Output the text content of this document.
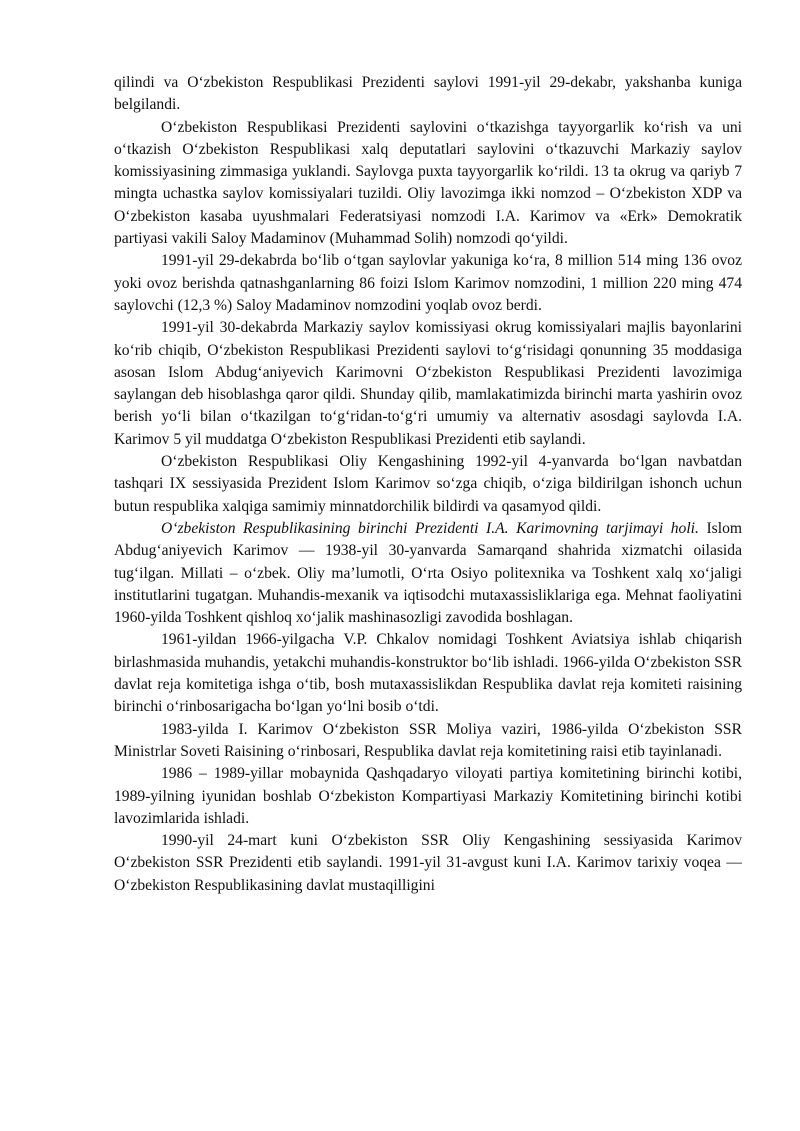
qilindi va O‘zbekiston Respublikasi Prezidenti saylovi 1991-yil 29-dekabr, yakshanba kuniga belgilandi.

O‘zbekiston Respublikasi Prezidenti saylovini o‘tkazishga tayyorgarlik ko‘rish va uni o‘tkazish O‘zbekiston Respublikasi xalq deputatlari saylovini o‘tkazuvchi Markaziy saylov komissiyasining zimmasiga yuklandi. Saylovga puxta tayyorgarlik ko‘rildi. 13 ta okrug va qariyb 7 mingta uchastka saylov komissiyalari tuzildi. Oliy lavozimga ikki nomzod – O‘zbekiston XDP va O‘zbekiston kasaba uyushmalari Federatsiyasi nomzodi I.A. Karimov va «Erk» Demokratik partiyasi vakili Saloy Madaminov (Muhammad Solih) nomzodi qo‘yildi.

1991-yil 29-dekabrda bo‘lib o‘tgan saylovlar yakuniga ko‘ra, 8 million 514 ming 136 ovoz yoki ovoz berishda qatnashganlarning 86 foizi Islom Karimov nomzodini, 1 million 220 ming 474 saylovchi (12,3 %) Saloy Madaminov nomzodini yoqlab ovoz berdi.

1991-yil 30-dekabrda Markaziy saylov komissiyasi okrug komissiyalari majlis bayonlarini ko‘rib chiqib, O‘zbekiston Respublikasi Prezidenti saylovi to‘g‘risidagi qonunning 35 moddasiga asosan Islom Abdug‘aniyevich Karimovni O‘zbekiston Respublikasi Prezidenti lavozimiga saylangan deb hisoblashga qaror qildi. Shunday qilib, mamlakatimizda birinchi marta yashirin ovoz berish yo‘li bilan o‘tkazilgan to‘g‘ridan-to‘g‘ri umumiy va alternativ asosdagi saylovda I.A. Karimov 5 yil muddatga O‘zbekiston Respublikasi Prezidenti etib saylandi.

O‘zbekiston Respublikasi Oliy Kengashining 1992-yil 4-yanvarda bo‘lgan navbatdan tashqari IX sessiyasida Prezident Islom Karimov so‘zga chiqib, o‘ziga bildirilgan ishonch uchun butun respublika xalqiga samimiy minnatdorchilik bildirdi va qasamyod qildi.

O‘zbekiston Respublikasining birinchi Prezidenti I.A. Karimovning tarjimayi holi. Islom Abdug‘aniyevich Karimov — 1938-yil 30-yanvarda Samarqand shahrida xizmatchi oilasida tug‘ilgan. Millati – o‘zbek. Oliy ma’lumotli, O‘rta Osiyo politexnika va Toshkent xalq xo‘jaligi institutlarini tugatgan. Muhandis-mexanik va iqtisodchi mutaxassisliklariga ega. Mehnat faoliyatini 1960-yilda Toshkent qishloq xo‘jalik mashinasozligi zavodida boshlagan.

1961-yildan 1966-yilgacha V.P. Chkalov nomidagi Toshkent Aviatsiya ishlab chiqarish birlashmasida muhandis, yetakchi muhandis-konstruktor bo‘lib ishladi. 1966-yilda O‘zbekiston SSR davlat reja komitetiga ishga o‘tib, bosh mutaxassislikdan Respublika davlat reja komiteti raisining birinchi o‘rinbosarigacha bo‘lgan yo‘lni bosib o‘tdi.

1983-yilda I. Karimov O‘zbekiston SSR Moliya vaziri, 1986-yilda O‘zbekiston SSR Ministrlar Soveti Raisining o‘rinbosari, Respublika davlat reja komitetining raisi etib tayinlanadi.

1986 – 1989-yillar mobaynida Qashqadaryo viloyati partiya komitetining birinchi kotibi, 1989-yilning iyunidan boshlab O‘zbekiston Kompartiyasi Markaziy Komitetining birinchi kotibi lavozimlarida ishladi.

1990-yil 24-mart kuni O‘zbekiston SSR Oliy Kengashining sessiyasida Karimov O‘zbekiston SSR Prezidenti etib saylandi. 1991-yil 31-avgust kuni I.A. Karimov tarixiy voqea — O‘zbekiston Respublikasining davlat mustaqilligini
